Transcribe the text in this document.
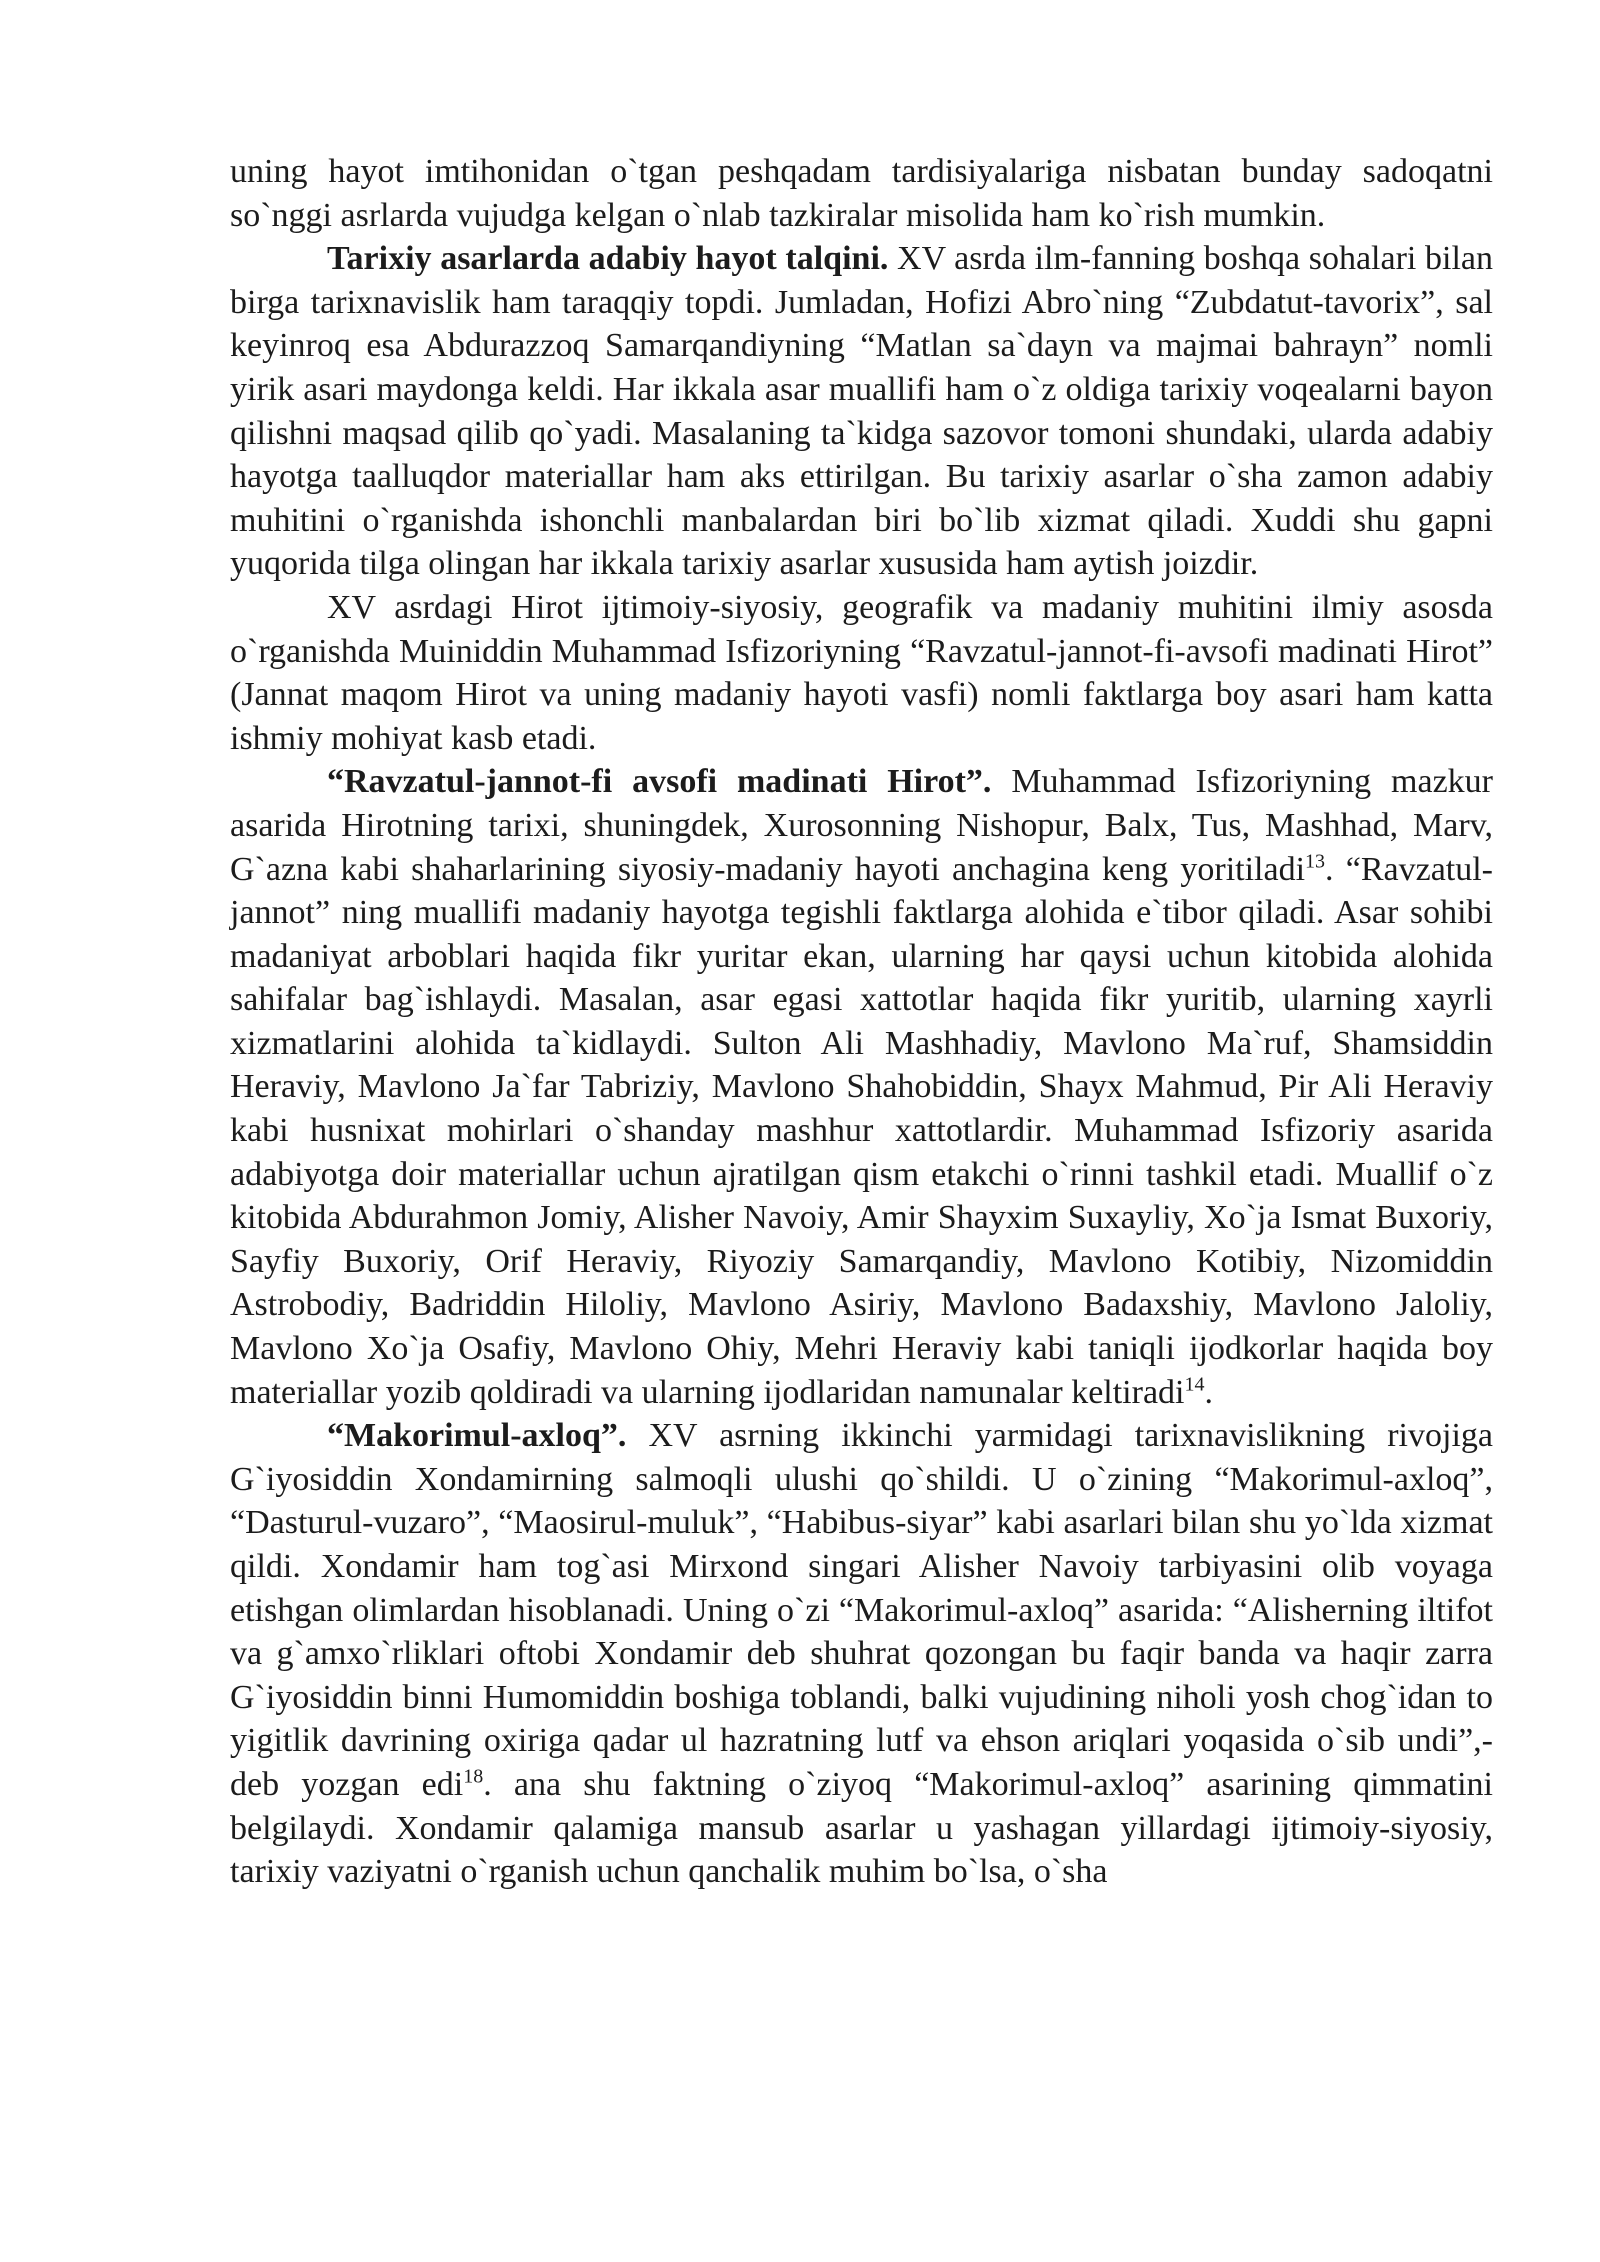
uning hayot imtihonidan o`tgan peshqadam tardisiyalariga nisbatan bunday sadoqatni so`nggi asrlarda vujudga kelgan o`nlab tazkiralar misolida ham ko`rish mumkin.

Tarixiy asarlarda adabiy hayot talqini. XV asrda ilm-fanning boshqa sohalari bilan birga tarixnavislik ham taraqqiy topdi. Jumladan, Hofizi Abro`ning “Zubdatut-tavorix”, sal keyinroq esa Abdurazzoq Samarqandiyning “Matlan sa`dayn va majmai bahrayn” nomli yirik asari maydonga keldi. Har ikkala asar muallifi ham o`z oldiga tarixiy voqealarni bayon qilishni maqsad qilib qo`yadi. Masalaning ta`kidga sazovor tomoni shundaki, ularda adabiy hayotga taalluqdor materiallar ham aks ettirilgan. Bu tarixiy asarlar o`sha zamon adabiy muhitini o`rganishda ishonchli manbalardan biri bo`lib xizmat qiladi. Xuddi shu gapni yuqorida tilga olingan har ikkala tarixiy asarlar xususida ham aytish joizdir.

XV asrdagi Hirot ijtimoiy-siyosiy, geografik va madaniy muhitini ilmiy asosda o`rganishda Muiniddin Muhammad Isfizoriyning “Ravzatul-jannot-fi-avsofi madinati Hirot” (Jannat maqom Hirot va uning madaniy hayoti vasfi) nomli faktlarga boy asari ham katta ishmiy mohiyat kasb etadi.

“Ravzatul-jannot-fi avsofi madinati Hirot”. Muhammad Isfizoriyning mazkur asarida Hirotning tarixi, shuningdek, Xurosonning Nishopur, Balx, Tus, Mashhad, Marv, G`azna kabi shaharlarining siyosiy-madaniy hayoti anchagina keng yoritiladi$^{13}$. “Ravzatul-jannot” ning muallifi madaniy hayotga tegishli faktlarga alohida e`tibor qiladi. Asar sohibi madaniyat arboblari haqida fikr yuritar ekan, ularning har qaysi uchun kitobida alohida sahifalar bag`ishlaydi. Masalan, asar egasi xattotlar haqida fikr yuritib, ularning xayrli xizmatlarini alohida ta`kidlaydi. Sulton Ali Mashhadiy, Mavlono Ma`ruf, Shamsiddin Heraviy, Mavlono Ja`far Tabriziy, Mavlono Shahobiddin, Shayx Mahmud, Pir Ali Heraviy kabi husnixat mohirlari o`shanday mashhur xattotlardir. Muhammad Isfizoriy asarida adabiyotga doir materiallar uchun ajratilgan qism etakchi o`rinni tashkil etadi. Muallif o`z kitobida Abdurahmon Jomiy, Alisher Navoiy, Amir Shayxim Suxayliy, Xo`ja Ismat Buxoriy, Sayfiy Buxoriy, Orif Heraviy, Riyoziy Samarqandiy, Mavlono Kotibiy, Nizomiddin Astrobodiy, Badriddin Hiloliy, Mavlono Asiriy, Mavlono Badaxshiy, Mavlono Jaloliy, Mavlono Xo`ja Osafiy, Mavlono Ohiy, Mehri Heraviy kabi taniqli ijodkorlar haqida boy materiallar yozib qoldiradi va ularning ijodlaridan namunalar keltiradi$^{14}$.

“Makorimul-axloq”. XV asrning ikkinchi yarmidagi tarixnavislikning rivojiga G`iyosiddin Xondamirning salmoqli ulushi qo`shildi. U o`zining “Makorimul-axloq”, “Dasturul-vuzaro”, “Maosirul-muluk”, “Habibus-siyar” kabi asarlari bilan shu yo`lda xizmat qildi. Xondamir ham tog`asi Mirxond singari Alisher Navoiy tarbiyasini olib voyaga etishgan olimlardan hisoblanadi. Uning o`zi “Makorimul-axloq” asarida: “Alisherning iltifot va g`amxo`rliklari oftobi Xondamir deb shuhrat qozongan bu faqir banda va haqir zarra G`iyosiddin binni Humomiddin boshiga toblandi, balki vujudining niholi yosh chog`idan to yigitlik davrining oxiriga qadar ul hazratning lutf va ehson ariqlari yoqasida o`sib undi”,- deb yozgan edi$^{18}$. ana shu faktning o`ziyoq “Makorimul-axloq” asarining qimmatini belgilaydi. Xondamir qalamiga mansub asarlar u yashagan yillardagi ijtimoiy-siyosiy, tarixiy vaziyatni o`rganish uchun qanchalik muhim bo`lsa, o`sha
